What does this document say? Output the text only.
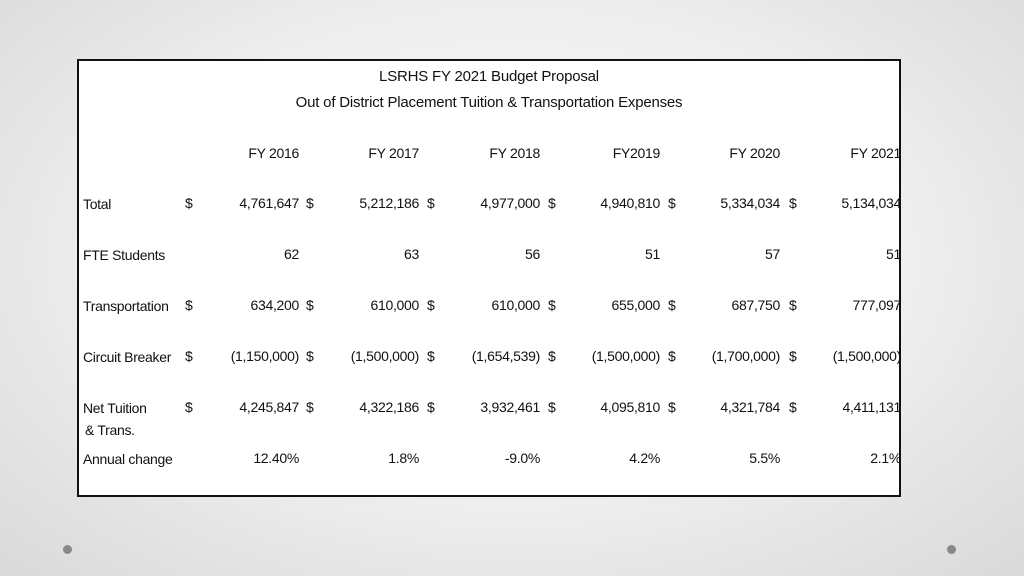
LSRHS FY 2021 Budget Proposal
Out of District Placement Tuition & Transportation Expenses
FY 2016	FY 2017	FY 2018	FY2019	FY 2020	FY 2021
Total	$	4,761,647 $	5,212,186 $	4,977,000 $	4,940,810 $	5,334,034 $	5,134,034
FTE Students	62	63	56	51	57	51
Transportation $	634,200 $	610,000 $	610,000 $	655,000 $	687,750 $	777,097
Circuit Breaker $	(1,150,000) $	(1,500,000) $	(1,654,539) $	(1,500,000) $	(1,700,000) $	(1,500,000)
Net Tuition
& Trans.
$	4,245,847 $	4,322,186 $	3,932,461 $	4,095,810 $	4,321,784 $	4,411,131
Annual change	12.40%	1.8%	-9.0%	4.2%	5.5%	2.1%
